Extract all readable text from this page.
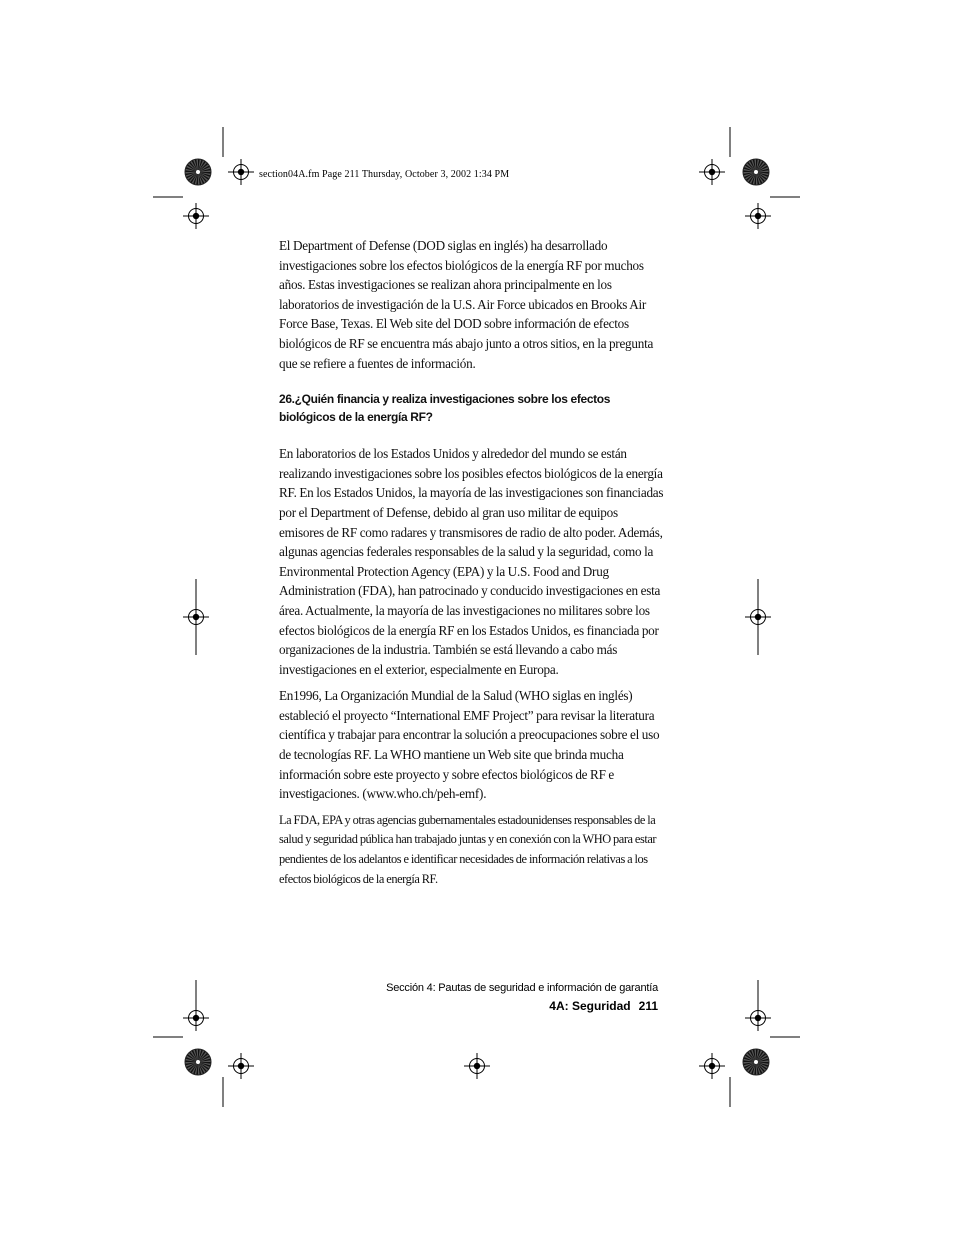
section04A.fm Page 211 Thursday, October 3, 2002 1:34 PM

El Department of Defense (DOD siglas en inglés) ha desarrollado investigaciones sobre los efectos biológicos de la energía RF por muchos años. Estas investigaciones se realizan ahora principalmente en los laboratorios de investigación de la U.S. Air Force ubicados en Brooks Air Force Base, Texas. El Web site del DOD sobre información de efectos biológicos de RF se encuentra más abajo junto a otros sitios, en la pregunta que se refiere a fuentes de información.

26.¿Quién financia y realiza investigaciones sobre los efectos biológicos de la energía RF?

En laboratorios de los Estados Unidos y alrededor del mundo se están realizando investigaciones sobre los posibles efectos biológicos de la energía RF. En los Estados Unidos, la mayoría de las investigaciones son financiadas por el Department of Defense, debido al gran uso militar de equipos emisores de RF como radares y transmisores de radio de alto poder. Además, algunas agencias federales responsables de la salud y la seguridad, como la Environmental Protection Agency (EPA) y la U.S. Food and Drug Administration (FDA), han patrocinado y conducido investigaciones en esta área. Actualmente, la mayoría de las investigaciones no militares sobre los efectos biológicos de la energía RF en los Estados Unidos, es financiada por organizaciones de la industria. También se está llevando a cabo más investigaciones en el exterior, especialmente en Europa.

En1996, La Organización Mundial de la Salud (WHO siglas en inglés) estableció el proyecto “International EMF Project” para revisar la literatura científica y trabajar para encontrar la solución a preocupaciones sobre el uso de tecnologías RF. La WHO mantiene un Web site que brinda mucha información sobre este proyecto y sobre efectos biológicos de RF e investigaciones. (www.who.ch/peh-emf).

La FDA, EPA y otras agencias gubernamentales estadounidenses responsables de la salud y seguridad pública han trabajado juntas y en conexión con la WHO para estar pendientes de los adelantos e identificar necesidades de información relativas a los efectos biológicos de la energía RF.

Sección 4: Pautas de seguridad e información de garantía
4A: Seguridad 211
